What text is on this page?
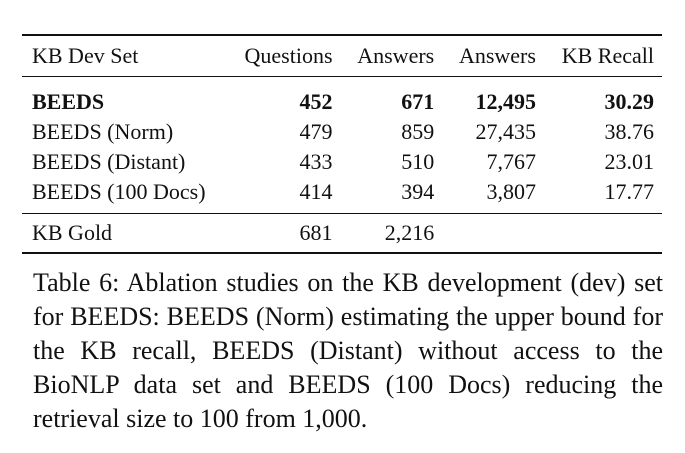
KB Dev Set	Questions	Answers	Answers	KB Recall
BEEDS	452	671	12,495	30.29
BEEDS (Norm)	479	859	27,435	38.76
BEEDS (Distant)	433	510	7,767	23.01
BEEDS (100 Docs)	414	394	3,807	17.77
KB Gold	681	2,216		

Table 6: Ablation studies on the KB development (dev) set for BEEDS: BEEDS (Norm) estimating the upper bound for the KB recall, BEEDS (Distant) without access to the BioNLP data set and BEEDS (100 Docs) reducing the retrieval size to 100 from 1,000.
